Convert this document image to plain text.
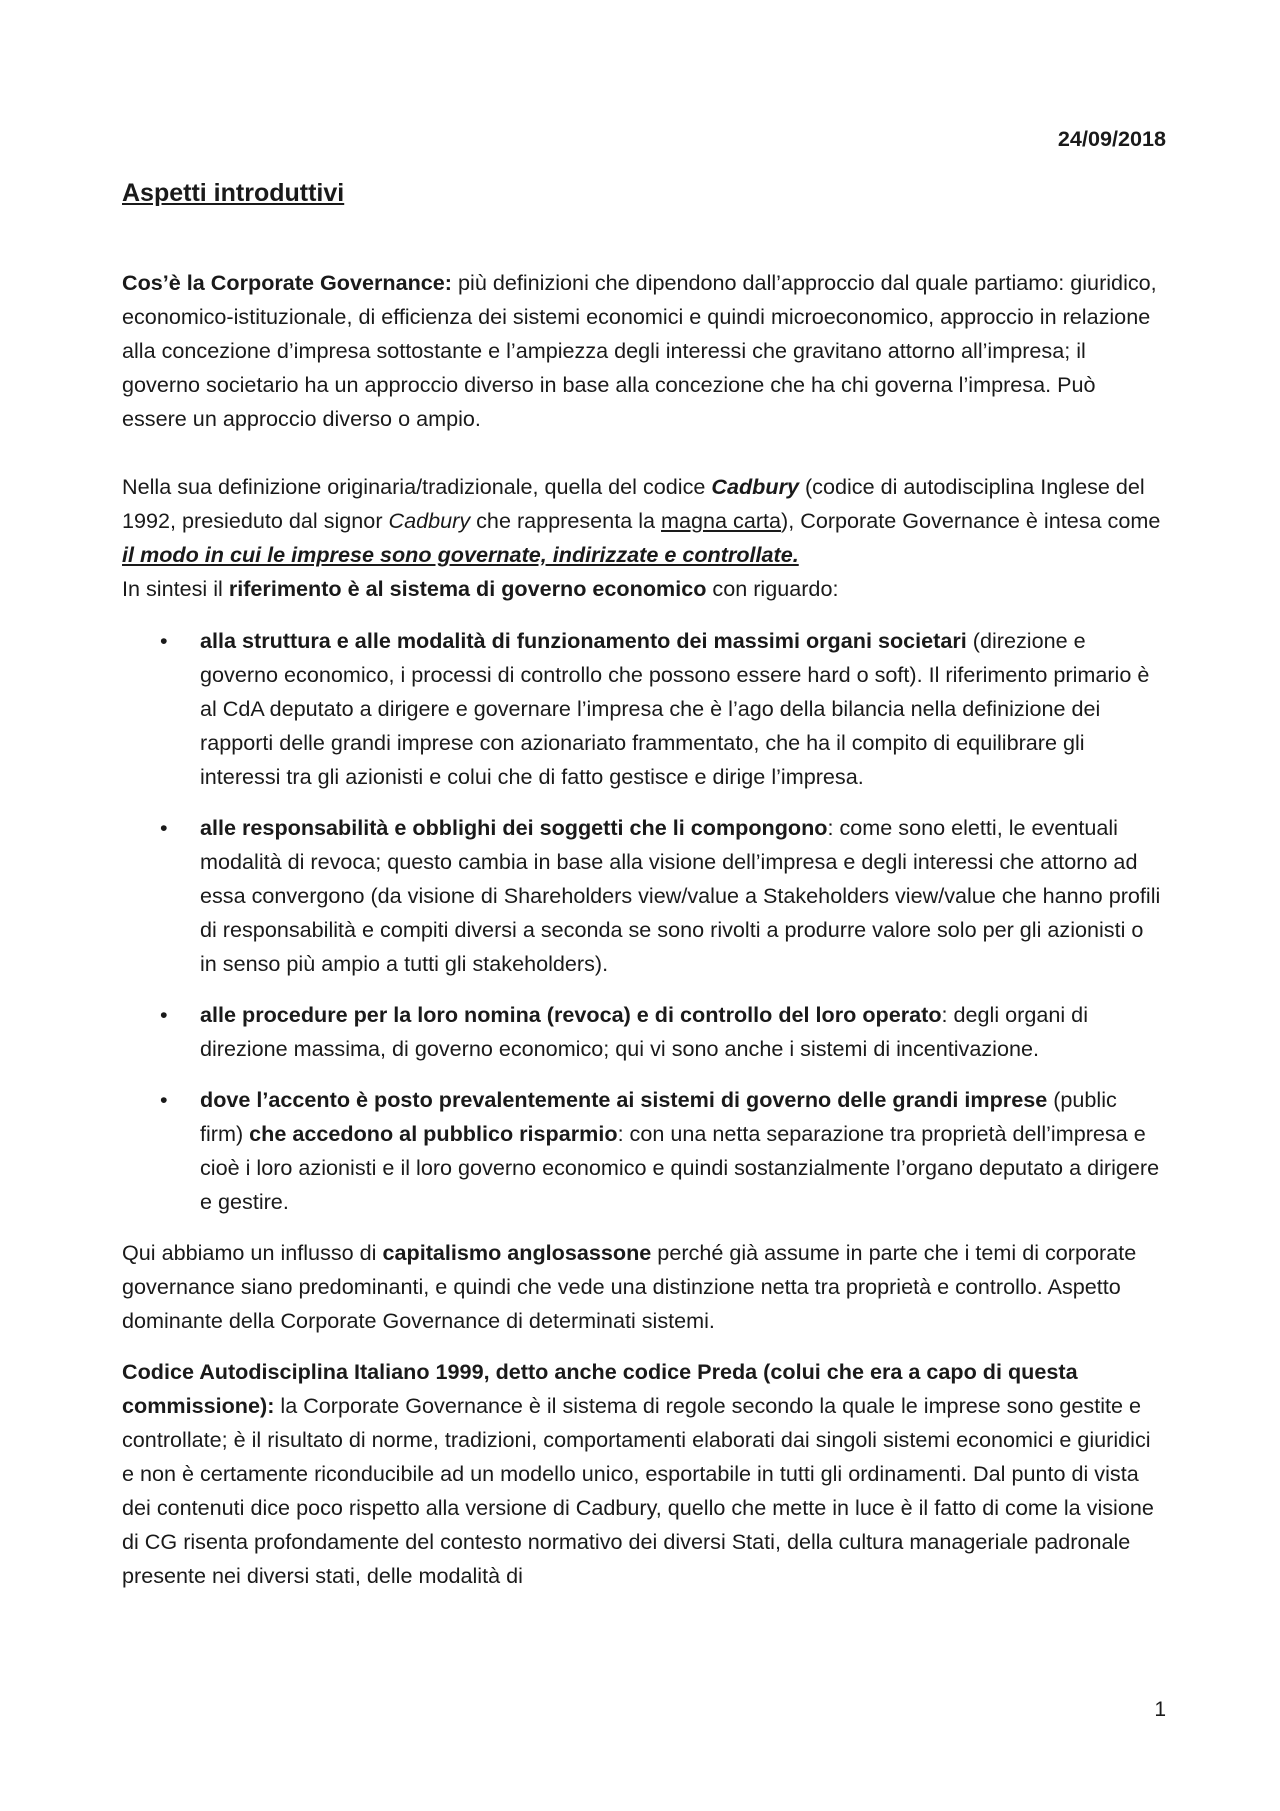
24/09/2018
Aspetti introduttivi

Cos’è la Corporate Governance: più definizioni che dipendono dall’approccio dal quale partiamo: giuridico, economico-istituzionale, di efficienza dei sistemi economici e quindi microeconomico, approccio in relazione alla concezione d’impresa sottostante e l’ampiezza degli interessi che gravitano attorno all’impresa; il governo societario ha un approccio diverso in base alla concezione che ha chi governa l’impresa. Può essere un approccio diverso o ampio.

Nella sua definizione originaria/tradizionale, quella del codice Cadbury (codice di autodisciplina Inglese del 1992, presieduto dal signor Cadbury che rappresenta la magna carta), Corporate Governance è intesa come il modo in cui le imprese sono governate, indirizzate e controllate.
In sintesi il riferimento è al sistema di governo economico con riguardo:

• alla struttura e alle modalità di funzionamento dei massimi organi societari (direzione e governo economico, i processi di controllo che possono essere hard o soft). Il riferimento primario è al CdA deputato a dirigere e governare l’impresa che è l’ago della bilancia nella definizione dei rapporti delle grandi imprese con azionariato frammentato, che ha il compito di equilibrare gli interessi tra gli azionisti e colui che di fatto gestisce e dirige l’impresa.
• alle responsabilità e obblighi dei soggetti che li compongono: come sono eletti, le eventuali modalità di revoca; questo cambia in base alla visione dell’impresa e degli interessi che attorno ad essa convergono (da visione di Shareholders view/value a Stakeholders view/value che hanno profili di responsabilità e compiti diversi a seconda se sono rivolti a produrre valore solo per gli azionisti o in senso più ampio a tutti gli stakeholders).
• alle procedure per la loro nomina (revoca) e di controllo del loro operato: degli organi di direzione massima, di governo economico; qui vi sono anche i sistemi di incentivazione.
• dove l’accento è posto prevalentemente ai sistemi di governo delle grandi imprese (public firm) che accedono al pubblico risparmio: con una netta separazione tra proprietà dell’impresa e cioè i loro azionisti e il loro governo economico e quindi sostanzialmente l’organo deputato a dirigere e gestire.

Qui abbiamo un influsso di capitalismo anglosassone perché già assume in parte che i temi di corporate governance siano predominanti, e quindi che vede una distinzione netta tra proprietà e controllo. Aspetto dominante della Corporate Governance di determinati sistemi.

Codice Autodisciplina Italiano 1999, detto anche codice Preda (colui che era a capo di questa commissione): la Corporate Governance è il sistema di regole secondo la quale le imprese sono gestite e controllate; è il risultato di norme, tradizioni, comportamenti elaborati dai singoli sistemi economici e giuridici e non è certamente riconducibile ad un modello unico, esportabile in tutti gli ordinamenti. Dal punto di vista dei contenuti dice poco rispetto alla versione di Cadbury, quello che mette in luce è il fatto di come la visione di CG risenta profondamente del contesto normativo dei diversi Stati, della cultura manageriale padronale presente nei diversi stati, delle modalità di

1
